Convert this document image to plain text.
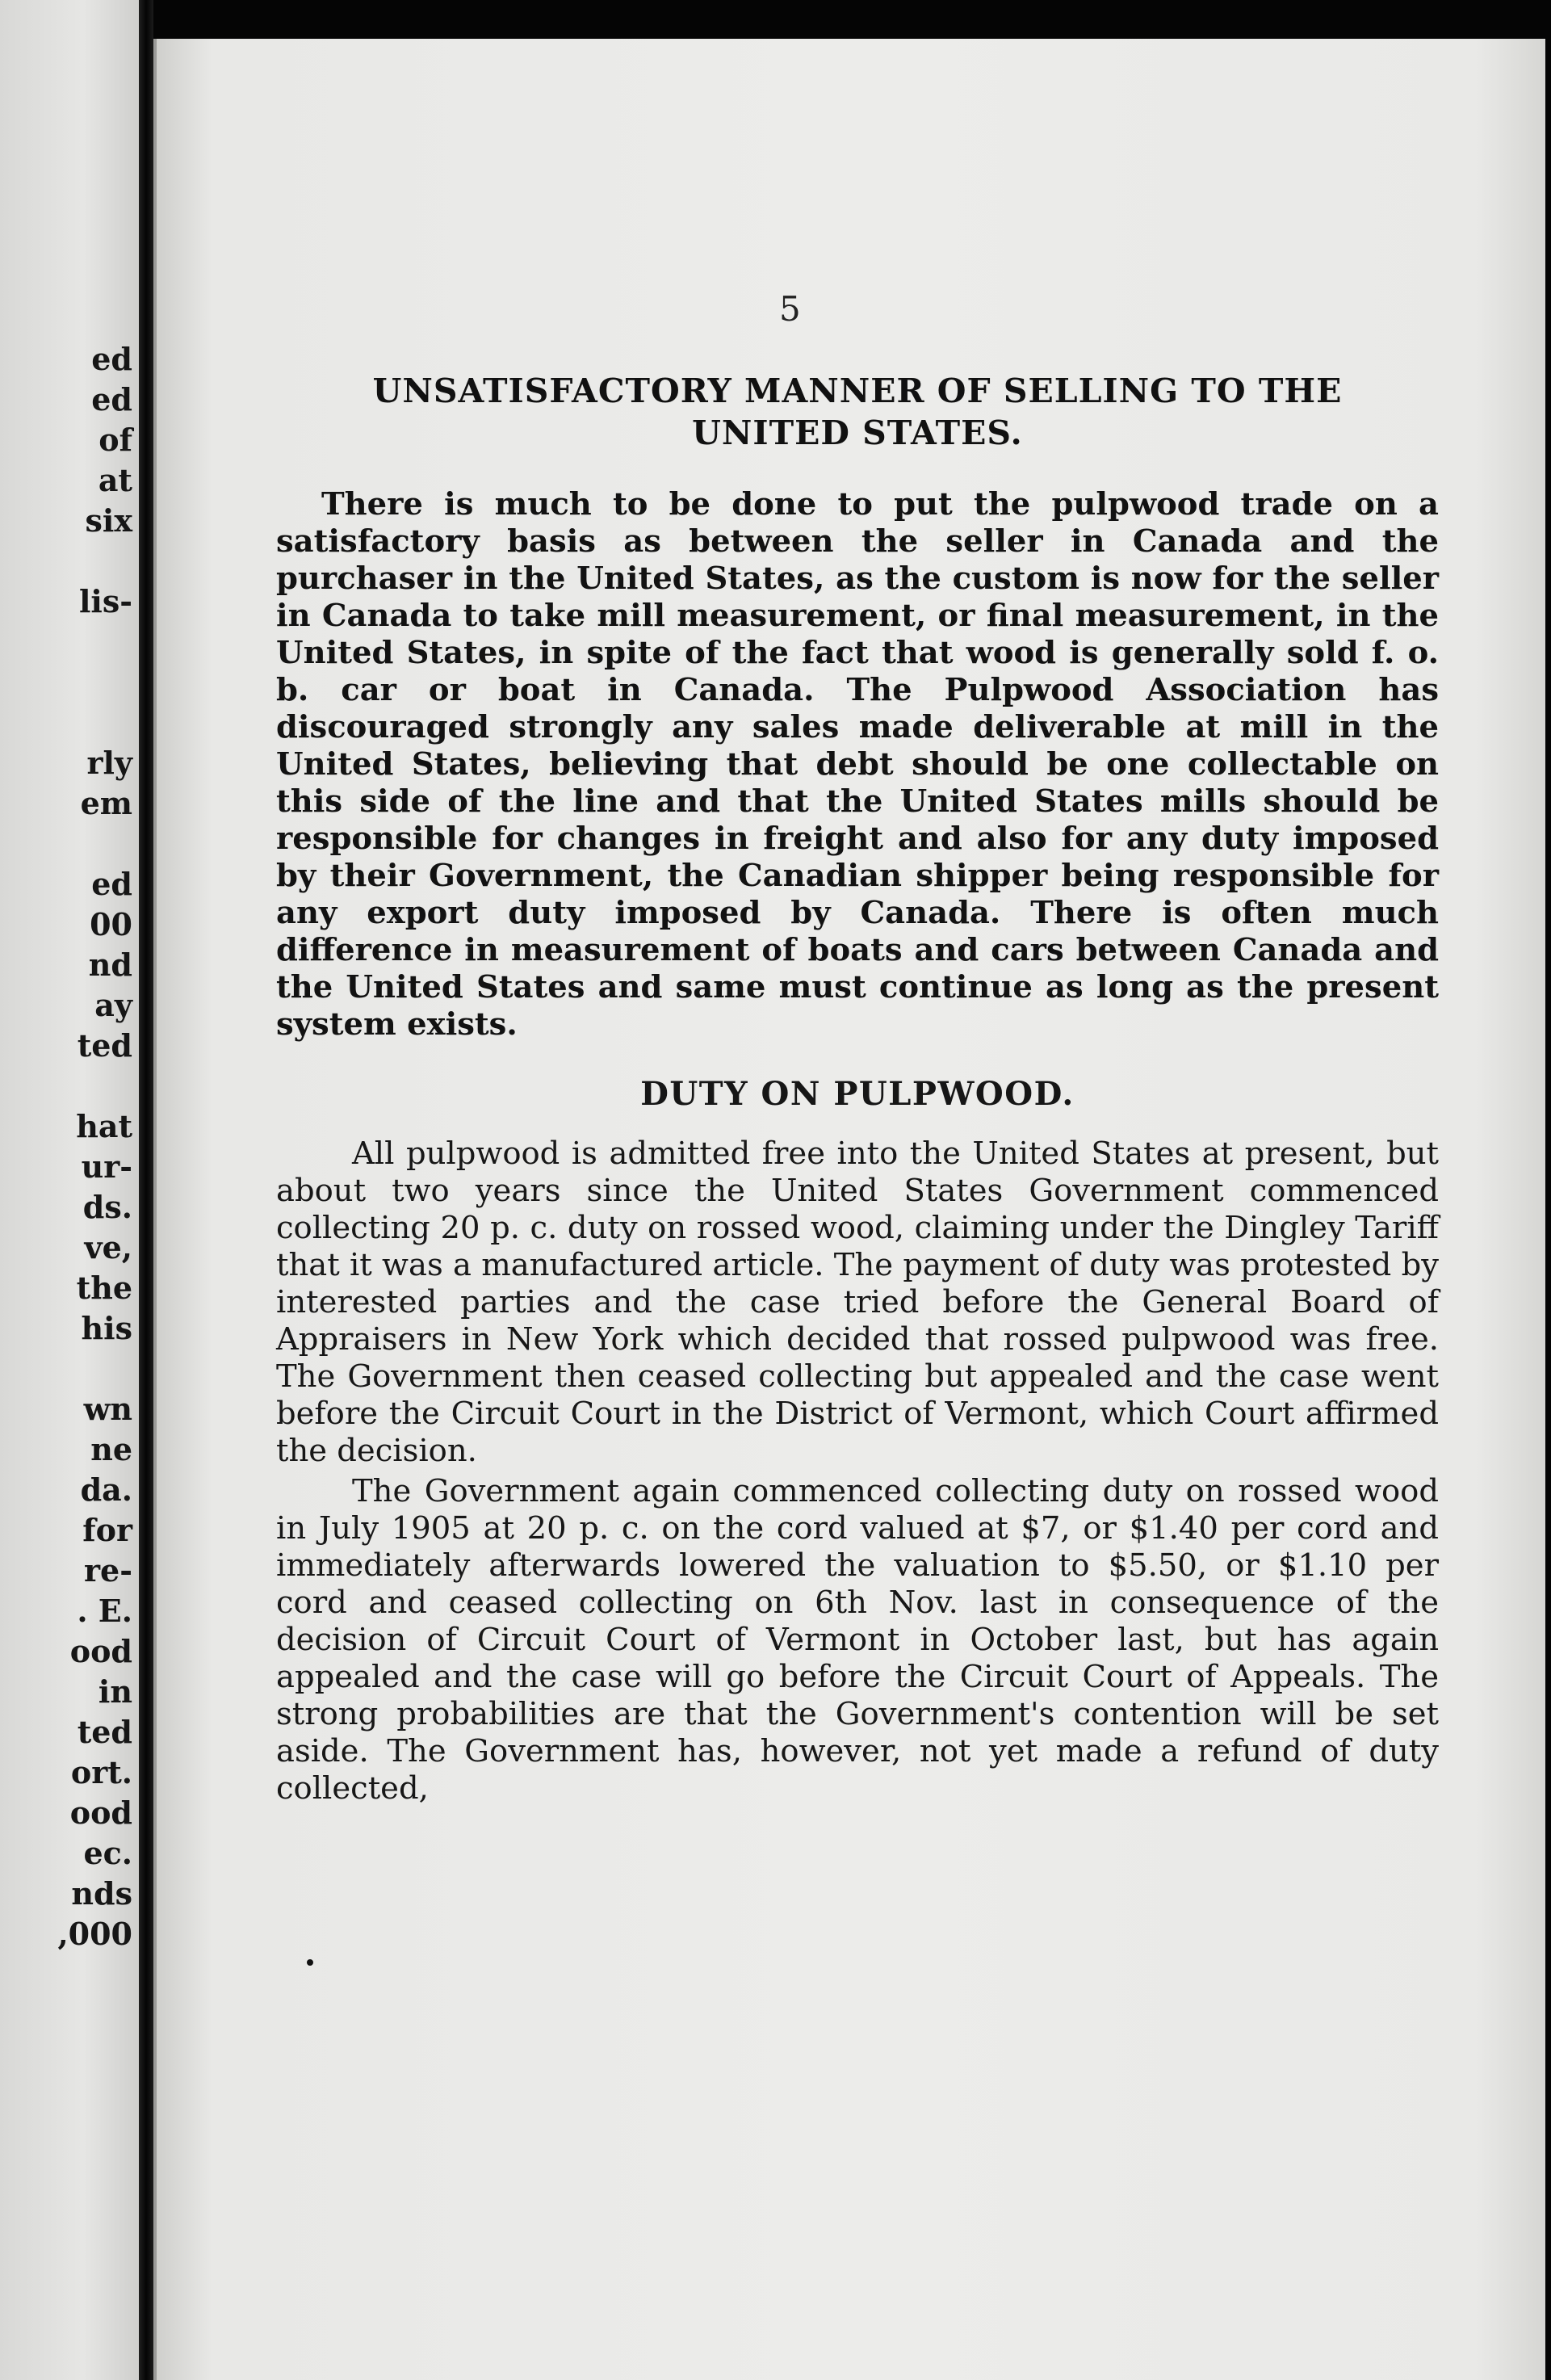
ed
ed
of
at
six
lis-
rly
em
ed
00
nd
ay
ted
hat
ur-
ds.
ve,
the
his
wn
ne
da.
for
re-
. E.
ood
in
ted
ort.
ood
ec.
nds
,000
5
UNSATISFACTORY MANNER OF SELLING TO THE
UNITED STATES.

There is much to be done to put the pulpwood trade on a satisfactory basis as between the seller in Canada and the purchaser in the United States, as the custom is now for the seller in Canada to take mill measurement, or final measurement, in the United States, in spite of the fact that wood is generally sold f. o. b. car or boat in Canada. The Pulpwood Association has discouraged strongly any sales made deliverable at mill in the United States, believing that debt should be one collectable on this side of the line and that the United States mills should be responsible for changes in freight and also for any duty imposed by their Government, the Canadian shipper being responsible for any export duty imposed by Canada. There is often much difference in measurement of boats and cars between Canada and the United States and same must continue as long as the present system exists.

DUTY ON PULPWOOD.

All pulpwood is admitted free into the United States at present, but about two years since the United States Government commenced collecting 20 p. c. duty on rossed wood, claiming under the Dingley Tariff that it was a manufactured article. The payment of duty was protested by interested parties and the case tried before the General Board of Appraisers in New York which decided that rossed pulpwood was free. The Government then ceased collecting but appealed and the case went before the Circuit Court in the District of Vermont, which Court affirmed the decision.

The Government again commenced collecting duty on rossed wood in July 1905 at 20 p. c. on the cord valued at $7, or $1.40 per cord and immediately afterwards lowered the valuation to $5.50, or $1.10 per cord and ceased collecting on 6th Nov. last in consequence of the decision of Circuit Court of Vermont in October last, but has again appealed and the case will go before the Circuit Court of Appeals. The strong probabilities are that the Government's contention will be set aside. The Government has, however, not yet made a refund of duty collected,
